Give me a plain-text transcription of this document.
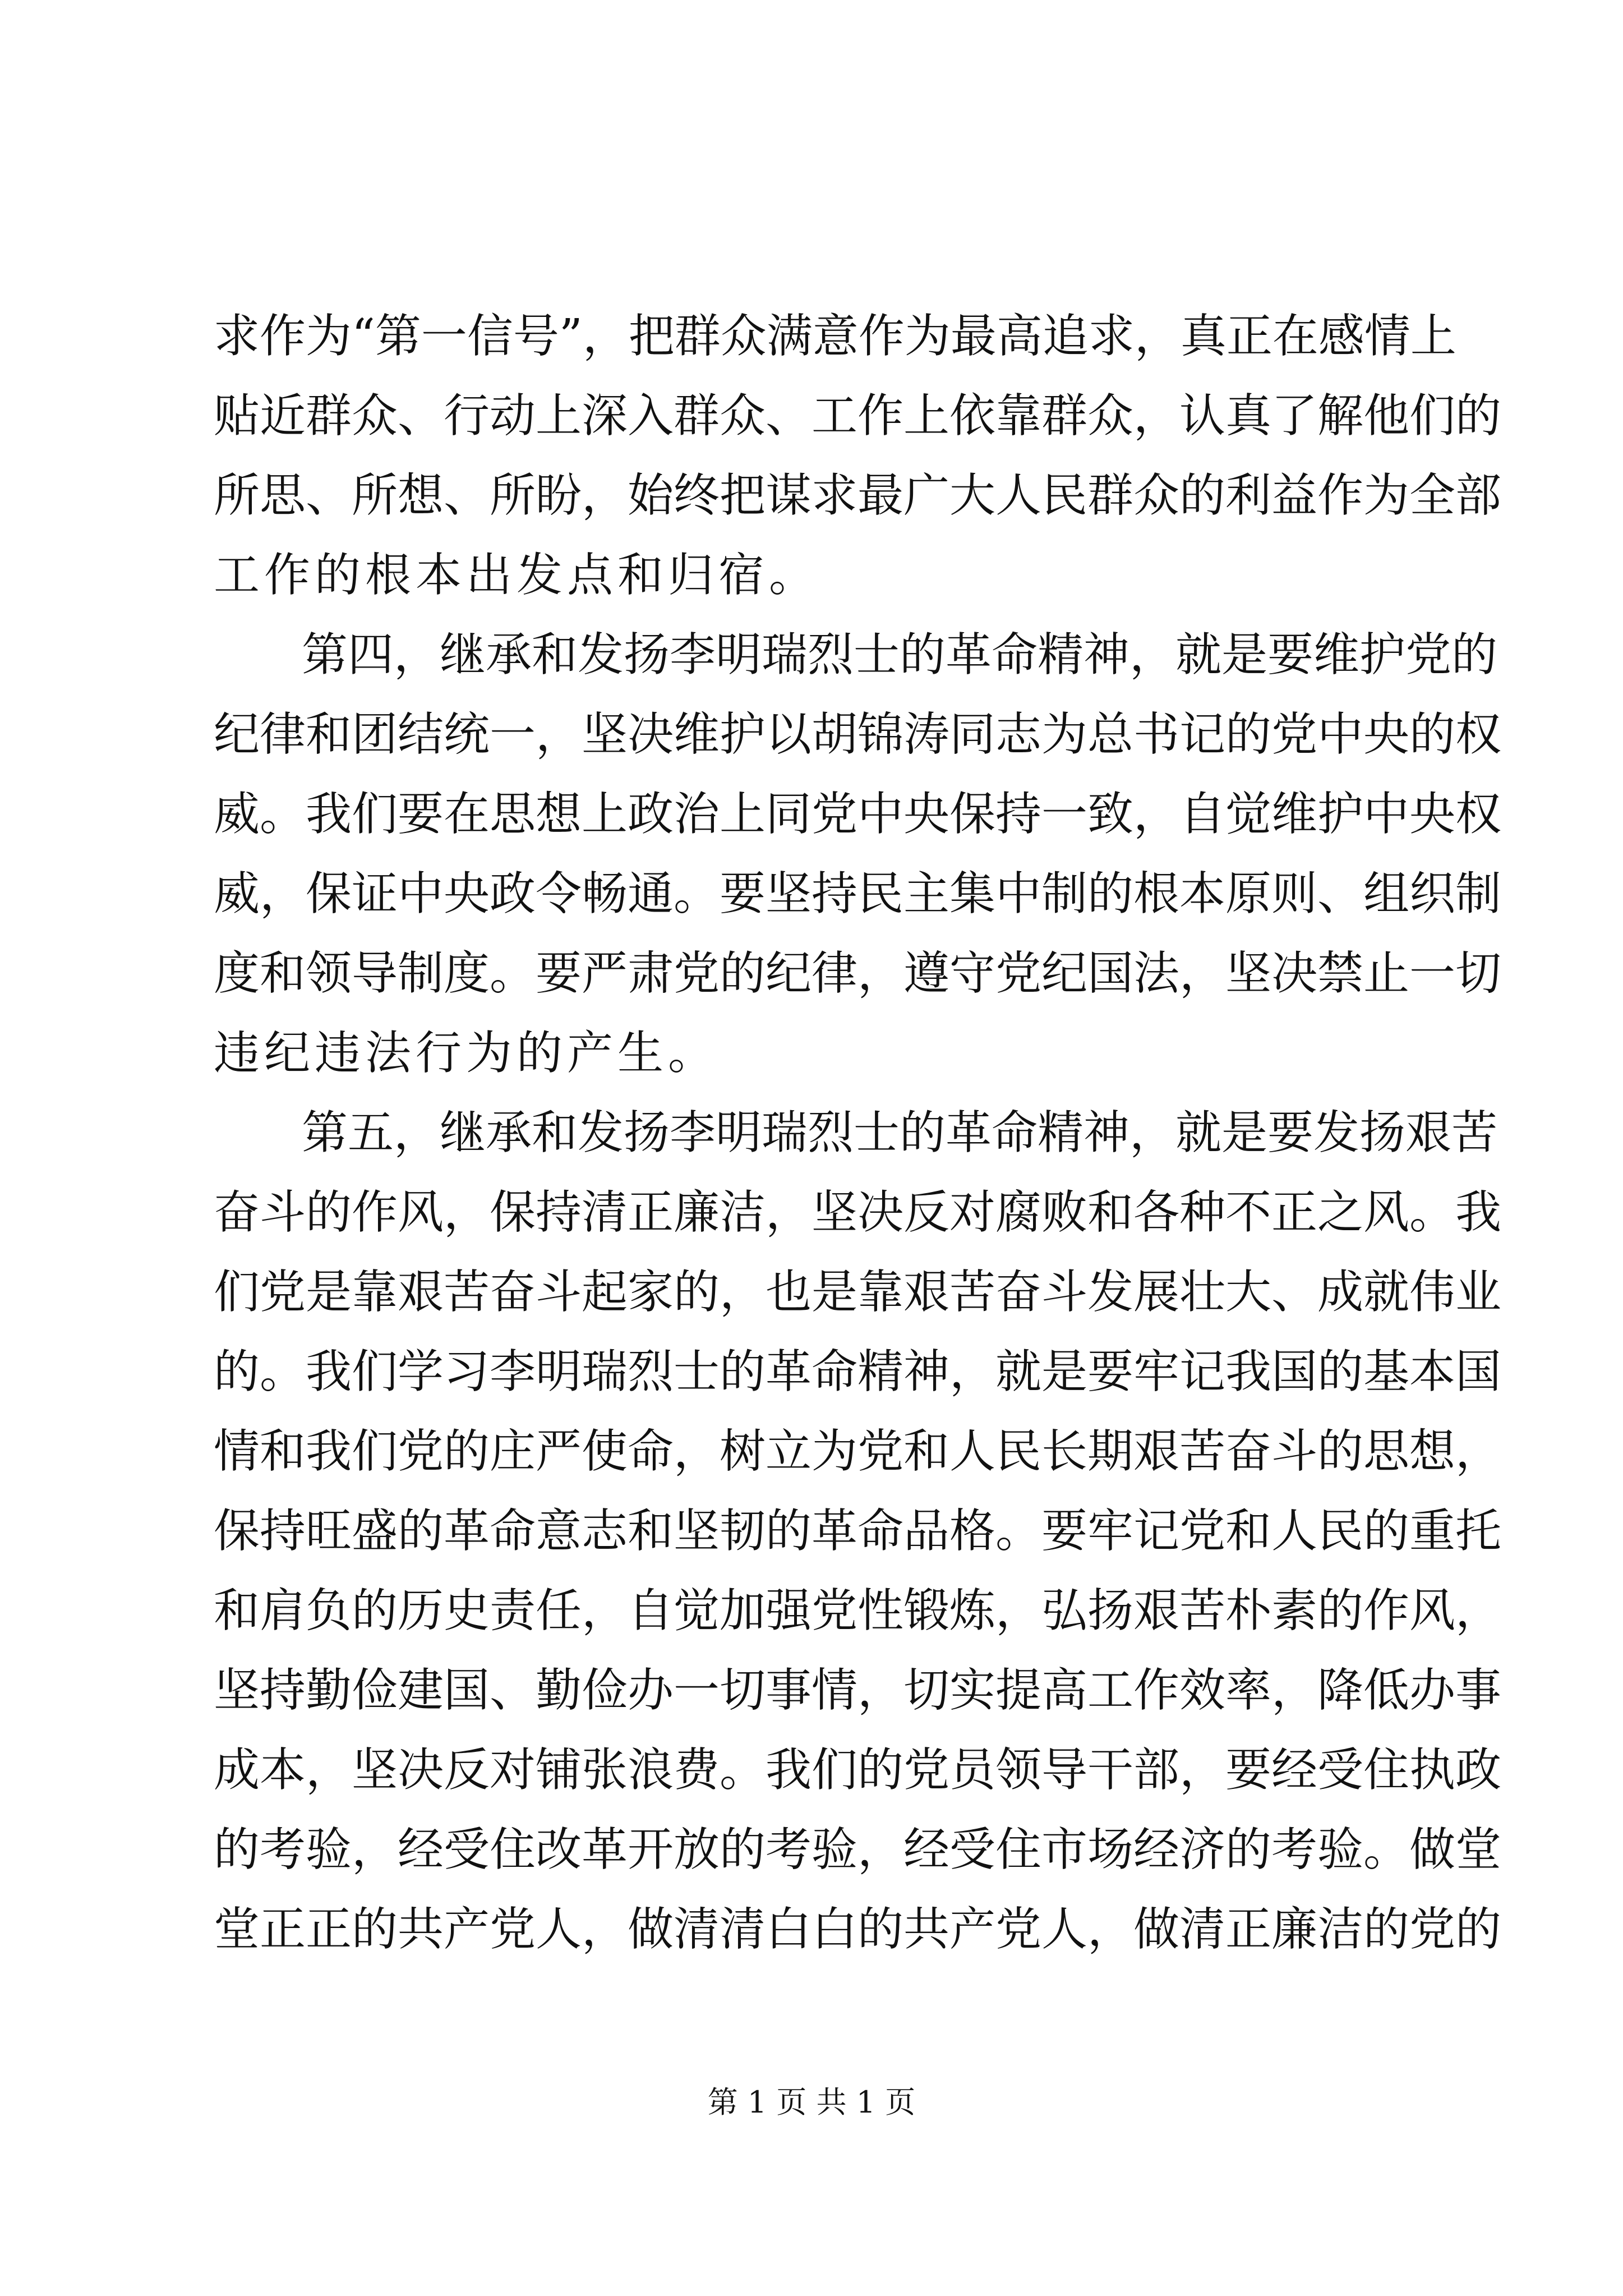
求作为“第一信号”，把群众满意作为最高追求，真正在感情上
贴近群众、行动上深入群众、工作上依靠群众，认真了解他们的
所思、所想、所盼，始终把谋求最广大人民群众的利益作为全部
工作的根本出发点和归宿。
第四，继承和发扬李明瑞烈士的革命精神，就是要维护党的
纪律和团结统一，坚决维护以胡锦涛同志为总书记的党中央的权
威。我们要在思想上政治上同党中央保持一致，自觉维护中央权
威，保证中央政令畅通。要坚持民主集中制的根本原则、组织制
度和领导制度。要严肃党的纪律，遵守党纪国法，坚决禁止一切
违纪违法行为的产生。
第五，继承和发扬李明瑞烈士的革命精神，就是要发扬艰苦
奋斗的作风，保持清正廉洁，坚决反对腐败和各种不正之风。我
们党是靠艰苦奋斗起家的，也是靠艰苦奋斗发展壮大、成就伟业
的。我们学习李明瑞烈士的革命精神，就是要牢记我国的基本国
情和我们党的庄严使命，树立为党和人民长期艰苦奋斗的思想，
保持旺盛的革命意志和坚韧的革命品格。要牢记党和人民的重托
和肩负的历史责任，自觉加强党性锻炼，弘扬艰苦朴素的作风，
坚持勤俭建国、勤俭办一切事情，切实提高工作效率，降低办事
成本，坚决反对铺张浪费。我们的党员领导干部，要经受住执政
的考验，经受住改革开放的考验，经受住市场经济的考验。做堂
堂正正的共产党人，做清清白白的共产党人，做清正廉洁的党的
第 1 页 共 1 页
